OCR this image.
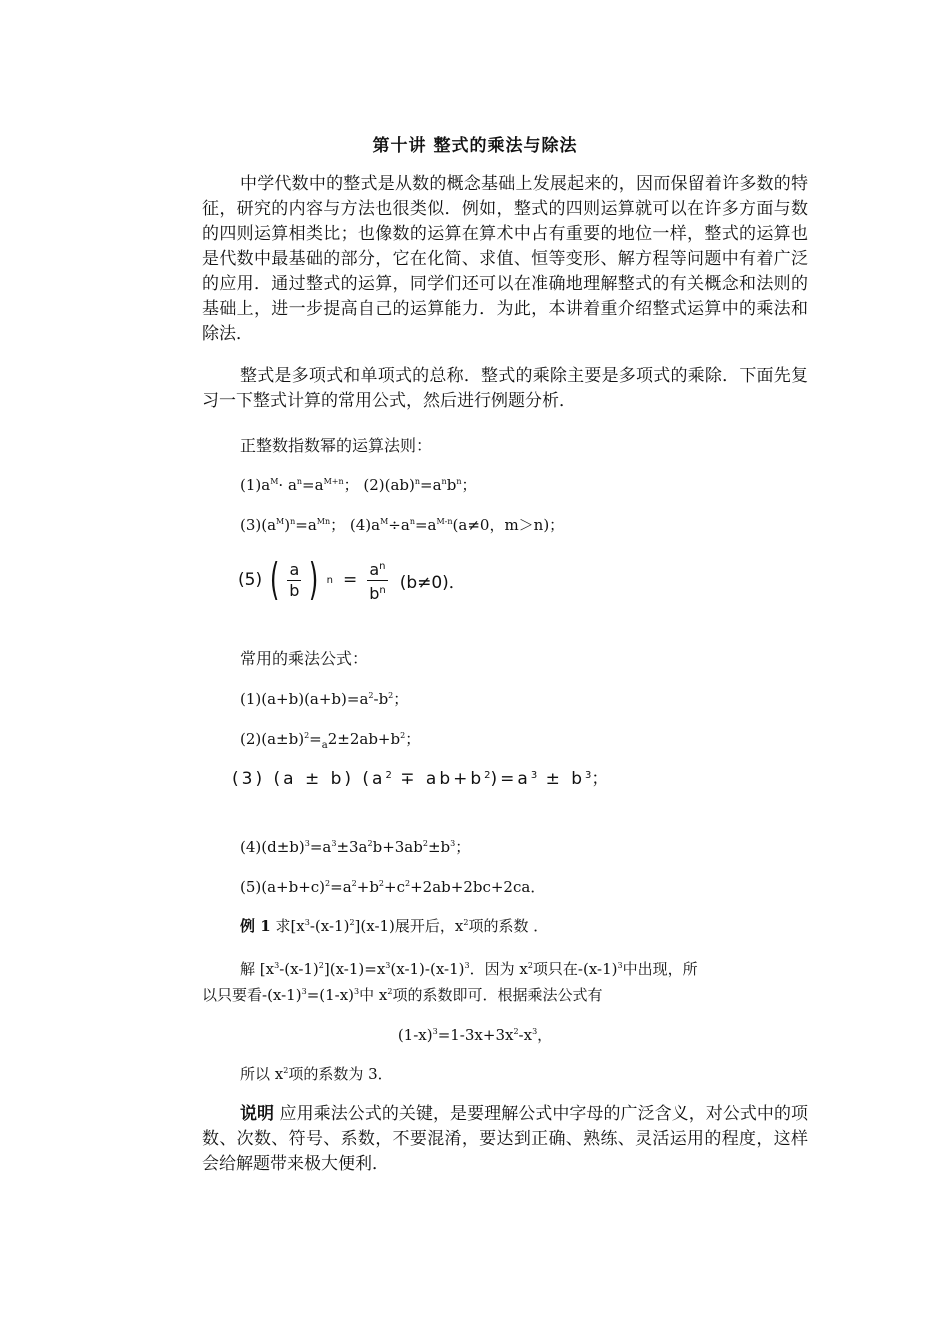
第十讲 整式的乘法与除法

中学代数中的整式是从数的概念基础上发展起来的，因而保留着许多数的特征，研究的内容与方法也很类似．例如，整式的四则运算就可以在许多方面与数的四则运算相类比；也像数的运算在算术中占有重要的地位一样，整式的运算也是代数中最基础的部分，它在化简、求值、恒等变形、解方程等问题中有着广泛的应用．通过整式的运算，同学们还可以在准确地理解整式的有关概念和法则的基础上，进一步提高自己的运算能力．为此，本讲着重介绍整式运算中的乘法和除法．

整式是多项式和单项式的总称．整式的乘除主要是多项式的乘除．下面先复习一下整式计算的常用公式，然后进行例题分析．

正整数指数幂的运算法则：
$(1)a^M\cdot a^n=a^{M+n}$； $(2)(ab)^n=a^nb^n$；
$(3)(a^M)^n=a^{Mn}$； $(4)a^M\div a^n=a^{M-n}(a\ne 0$，m＞n)；
(5) ( $\frac{a}{b}$ ) $n = \frac{a^n}{b^n} (b\ne 0)$．
常用的乘法公式：
$(1)(a+b)(a+b)=a^2-b^2$；
$(2)(a\pm b)^2=_a2\pm 2ab+b^2$；
(3) (a ± b) $(a^2 \mp ab+b^2)=a^3 \pm b^3$；
$(4)(d\pm b)^3=a^3\pm 3a^2b+3ab^2\pm b^3$；
$(5)(a+b+c)^2=a^2+b^2+c^2+2ab+2bc+2ca$．
例 1 求$[x^3-(x-1)^2](x-1)$展开后，$x^2$项的系数 ．
解 $[x^3-(x-1)^2](x-1)=x^3(x-1)-(x-1)^3$．因为 $x^2$项只在$-(x-1)^3$中出现，所
以只要看$-(x-1)^3=(1-x)^3$中 $x^2$项的系数即可．根据乘法公式有
$(1-x)^3=1-3x+3x^2-x^3$，
所以 $x^2$项的系数为 3．

说明 应用乘法公式的关键，是要理解公式中字母的广泛含义，对公式中的项数、次数、符号、系数，不要混淆，要达到正确、熟练、灵活运用的程度，这样会给解题带来极大便利．
